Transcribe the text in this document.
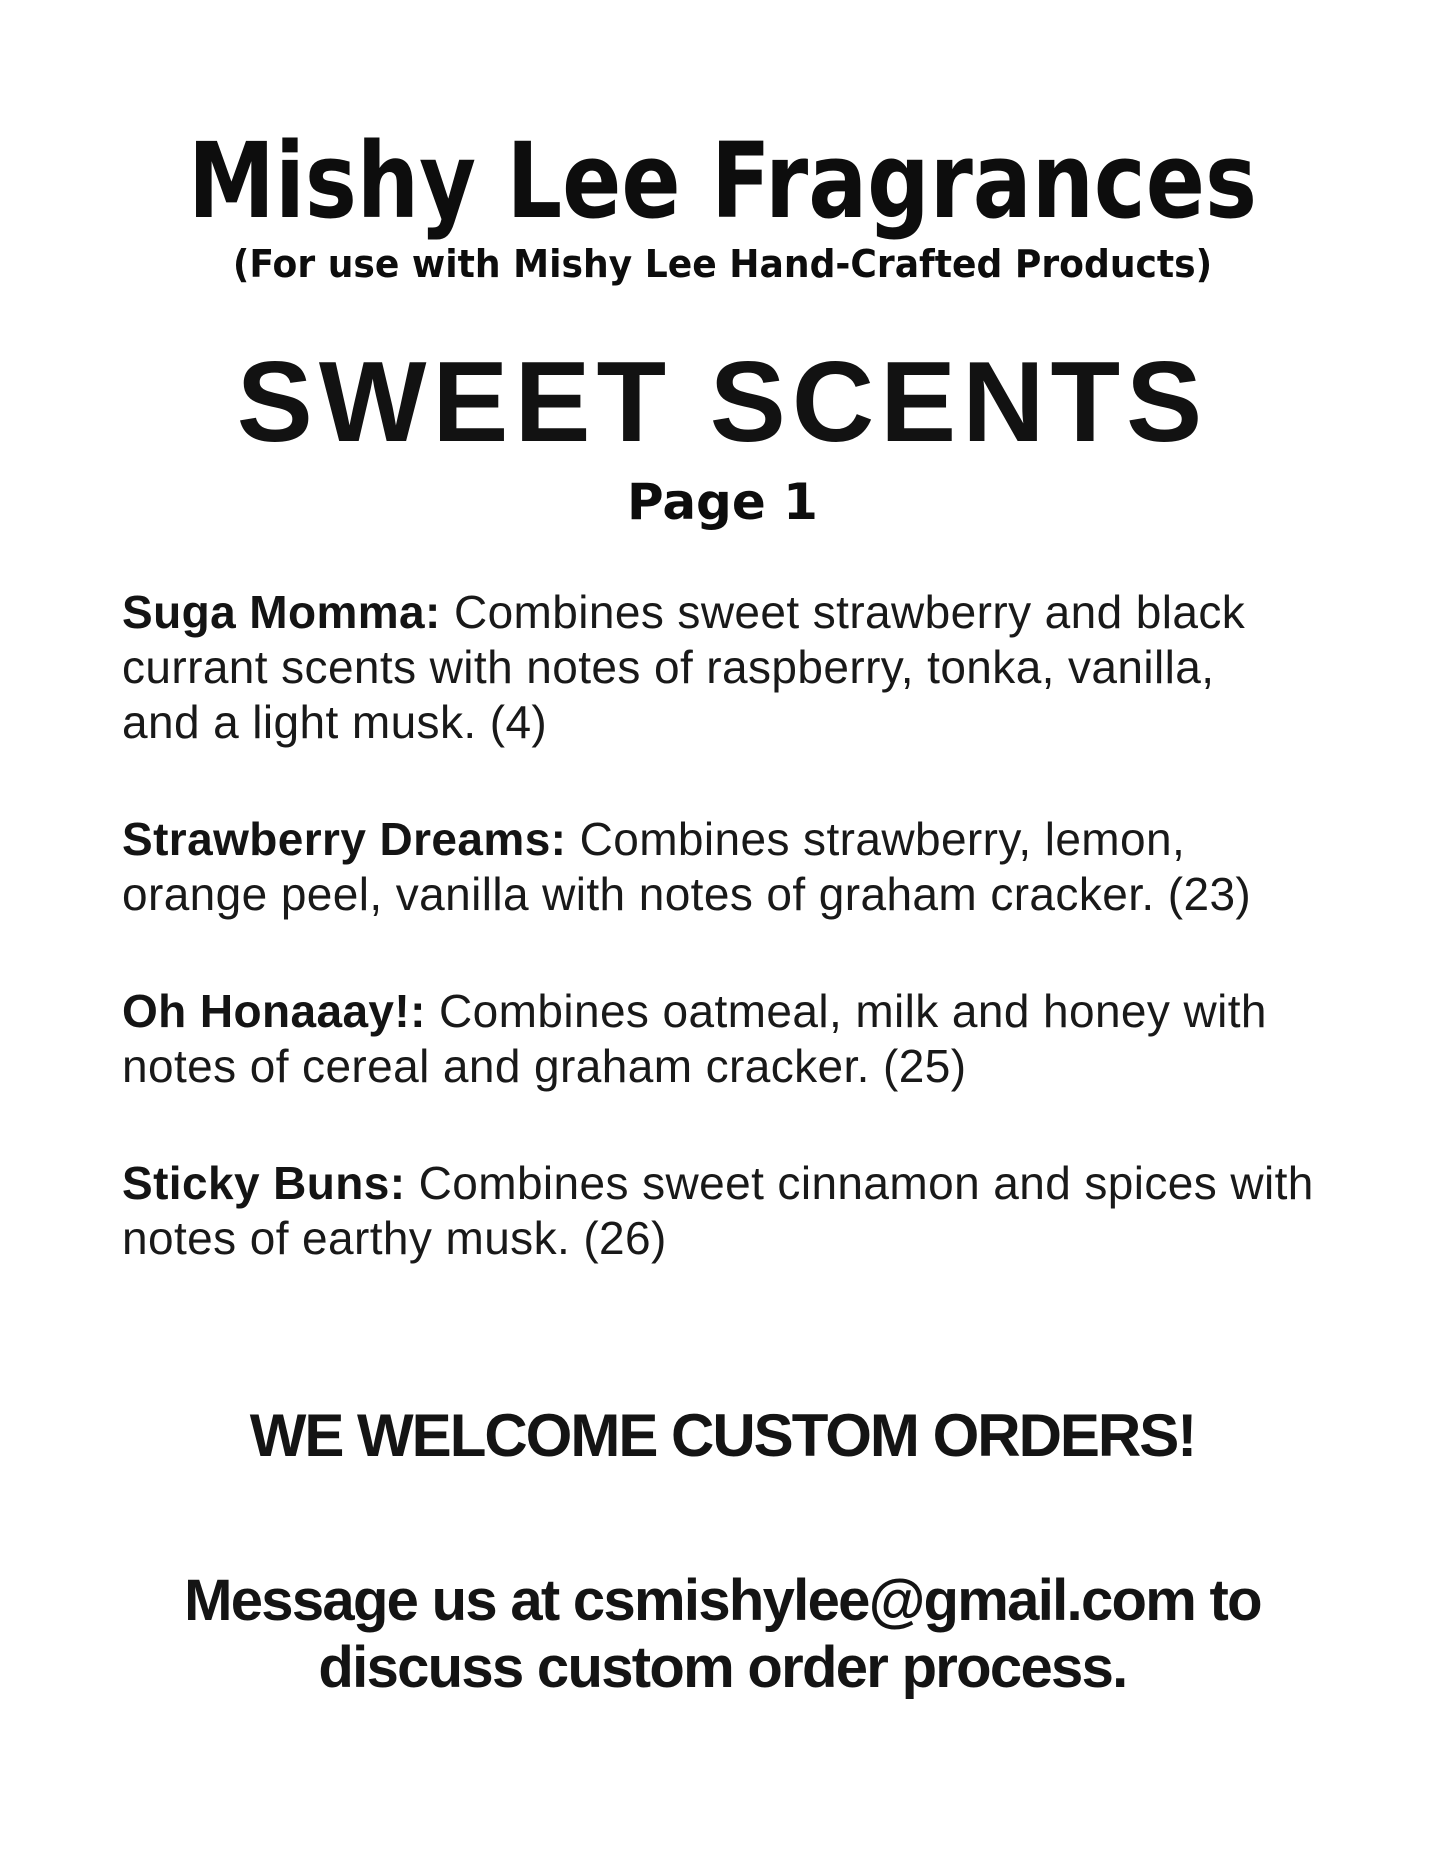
Mishy Lee Fragrances
(For use with Mishy Lee Hand-Crafted Products)
SWEET SCENTS
Page 1

Suga Momma: Combines sweet strawberry and black
currant scents with notes of raspberry, tonka, vanilla,
and a light musk. (4)

Strawberry Dreams: Combines strawberry, lemon,
orange peel, vanilla with notes of graham cracker. (23)

Oh Honaaay!: Combines oatmeal, milk and honey with
notes of cereal and graham cracker. (25)

Sticky Buns: Combines sweet cinnamon and spices with
notes of earthy musk. (26)

WE WELCOME CUSTOM ORDERS!
Message us at csmishylee@gmail.com to
discuss custom order process.
